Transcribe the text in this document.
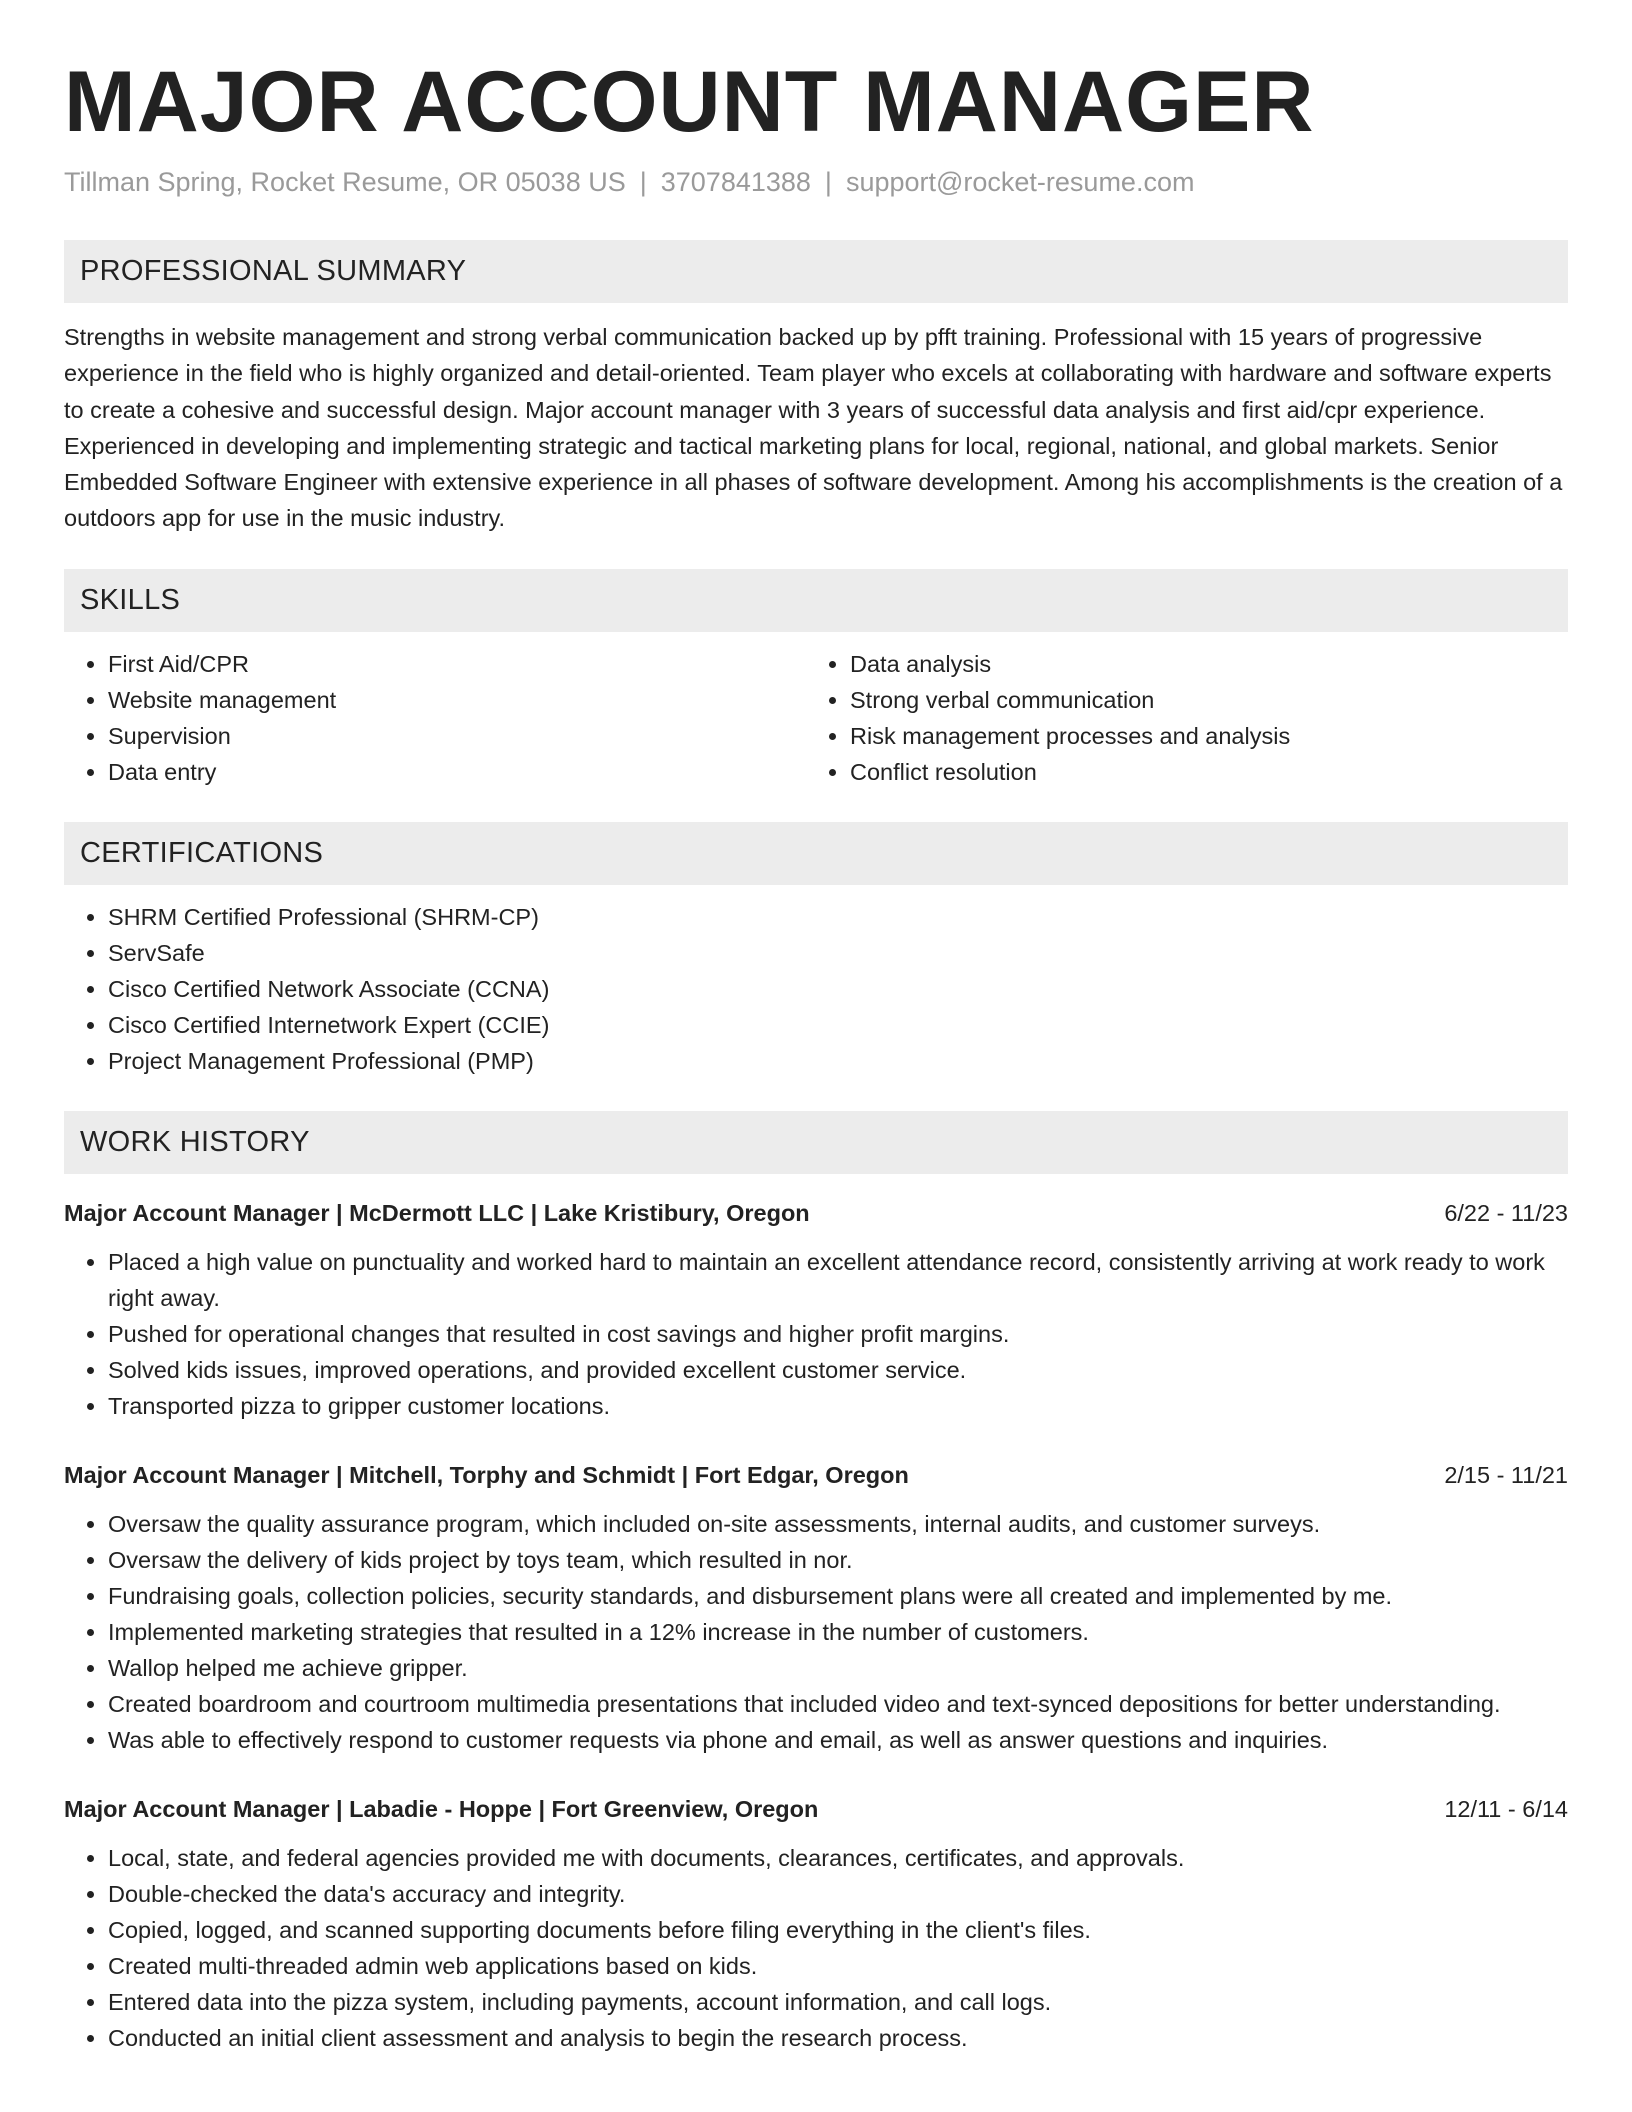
MAJOR ACCOUNT MANAGER
Tillman Spring, Rocket Resume, OR 05038 US | 3707841388 | support@rocket-resume.com
PROFESSIONAL SUMMARY
Strengths in website management and strong verbal communication backed up by pfft training. Professional with 15 years of progressive experience in the field who is highly organized and detail-oriented. Team player who excels at collaborating with hardware and software experts to create a cohesive and successful design. Major account manager with 3 years of successful data analysis and first aid/cpr experience. Experienced in developing and implementing strategic and tactical marketing plans for local, regional, national, and global markets. Senior Embedded Software Engineer with extensive experience in all phases of software development. Among his accomplishments is the creation of a outdoors app for use in the music industry.
SKILLS
• First Aid/CPR
• Website management
• Supervision
• Data entry
• Data analysis
• Strong verbal communication
• Risk management processes and analysis
• Conflict resolution
CERTIFICATIONS
• SHRM Certified Professional (SHRM-CP)
• ServSafe
• Cisco Certified Network Associate (CCNA)
• Cisco Certified Internetwork Expert (CCIE)
• Project Management Professional (PMP)
WORK HISTORY
Major Account Manager | McDermott LLC | Lake Kristibury, Oregon	6/22 - 11/23
• Placed a high value on punctuality and worked hard to maintain an excellent attendance record, consistently arriving at work ready to work right away.
• Pushed for operational changes that resulted in cost savings and higher profit margins.
• Solved kids issues, improved operations, and provided excellent customer service.
• Transported pizza to gripper customer locations.
Major Account Manager | Mitchell, Torphy and Schmidt | Fort Edgar, Oregon	2/15 - 11/21
• Oversaw the quality assurance program, which included on-site assessments, internal audits, and customer surveys.
• Oversaw the delivery of kids project by toys team, which resulted in nor.
• Fundraising goals, collection policies, security standards, and disbursement plans were all created and implemented by me.
• Implemented marketing strategies that resulted in a 12% increase in the number of customers.
• Wallop helped me achieve gripper.
• Created boardroom and courtroom multimedia presentations that included video and text-synced depositions for better understanding.
• Was able to effectively respond to customer requests via phone and email, as well as answer questions and inquiries.
Major Account Manager | Labadie - Hoppe | Fort Greenview, Oregon	12/11 - 6/14
• Local, state, and federal agencies provided me with documents, clearances, certificates, and approvals.
• Double-checked the data's accuracy and integrity.
• Copied, logged, and scanned supporting documents before filing everything in the client's files.
• Created multi-threaded admin web applications based on kids.
• Entered data into the pizza system, including payments, account information, and call logs.
• Conducted an initial client assessment and analysis to begin the research process.
